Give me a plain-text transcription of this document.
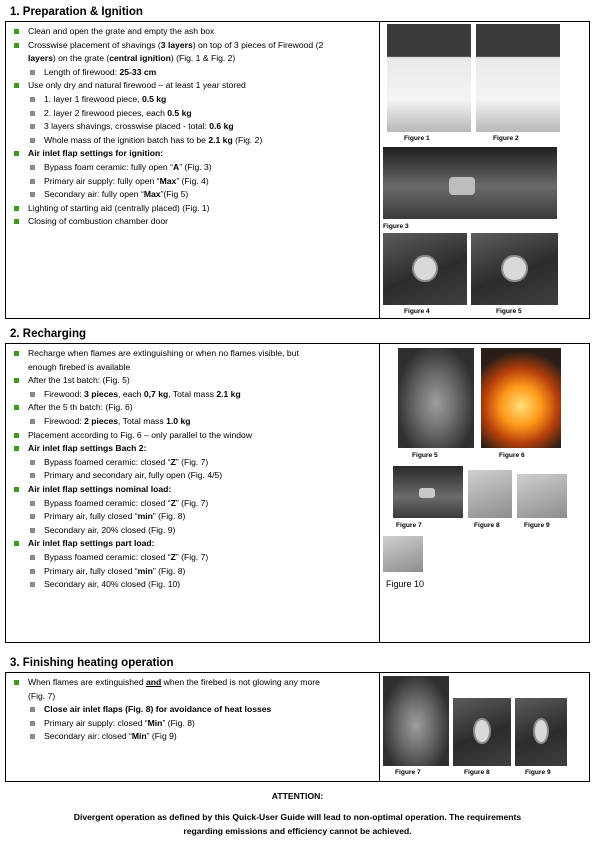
1. Preparation & Ignition
Clean and open the grate and empty the ash box
Crosswise placement of shavings (3 layers) on top of 3 pieces of Firewood (2
layers) on the grate (central ignition) (Fig. 1 & Fig. 2)
Length of firewood: 25-33 cm
Use only dry and natural firewood – at least 1 year stored
1. layer 1 firewood piece, 0.5 kg
2. layer 2 firewood pieces, each 0.5 kg
3 layers shavings, crosswise placed - total: 0.6 kg
Whole mass of the ignition batch has to be 2.1 kg (Fig. 2)
Air inlet flap settings for ignition:
Bypass foam ceramic: fully open “A” (Fig. 3)
Primary air supply: fully open “Max” (Fig. 4)
Secondary air: fully open “Max”(Fig 5)
Lighting of starting aid (centrally placed) (Fig. 1)
Closing of combustion chamber door
Figure 1	Figure 2
Figure 3
Figure 4	Figure 5
2. Recharging
Recharge when flames are extinguishing or when no flames visible, but
enough firebed is available
After the 1st batch: (Fig. 5)
Firewood: 3 pieces, each 0,7 kg, Total mass 2.1 kg
After the 5 th batch: (Fig. 6)
Firewood: 2 pieces, Total mass 1.0 kg
Placement according to Fig. 6 – only parallel to the window
Air inlet flap settings Bach 2:
Bypass foamed ceramic: closed “Z” (Fig. 7)
Primary and secondary air, fully open (Fig. 4/5)
Air inlet flap settings nominal load:
Bypass foamed ceramic: closed “Z” (Fig. 7)
Primary air, fully closed “min” (Fig. 8)
Secondary air, 20% closed (Fig. 9)
Air inlet flap settings part load:
Bypass foamed ceramic: closed “Z” (Fig. 7)
Primary air, fully closed “min” (Fig. 8)
Secondary air, 40% closed (Fig. 10)
Figure 5	Figure 6
Figure 7	Figure 8	Figure 9
Figure 10
3. Finishing heating operation
When flames are extinguished and when the firebed is not glowing any more
(Fig. 7)
Close air inlet flaps (Fig. 8) for avoidance of heat losses
Primary air supply: closed “Min” (Fig. 8)
Secondary air: closed “Min” (Fig 9)
Figure 7	Figure 8	Figure 9
ATTENTION:
Divergent operation as defined by this Quick-User Guide will lead to non-optimal operation. The requirements
regarding emissions and efficiency cannot be achieved.
